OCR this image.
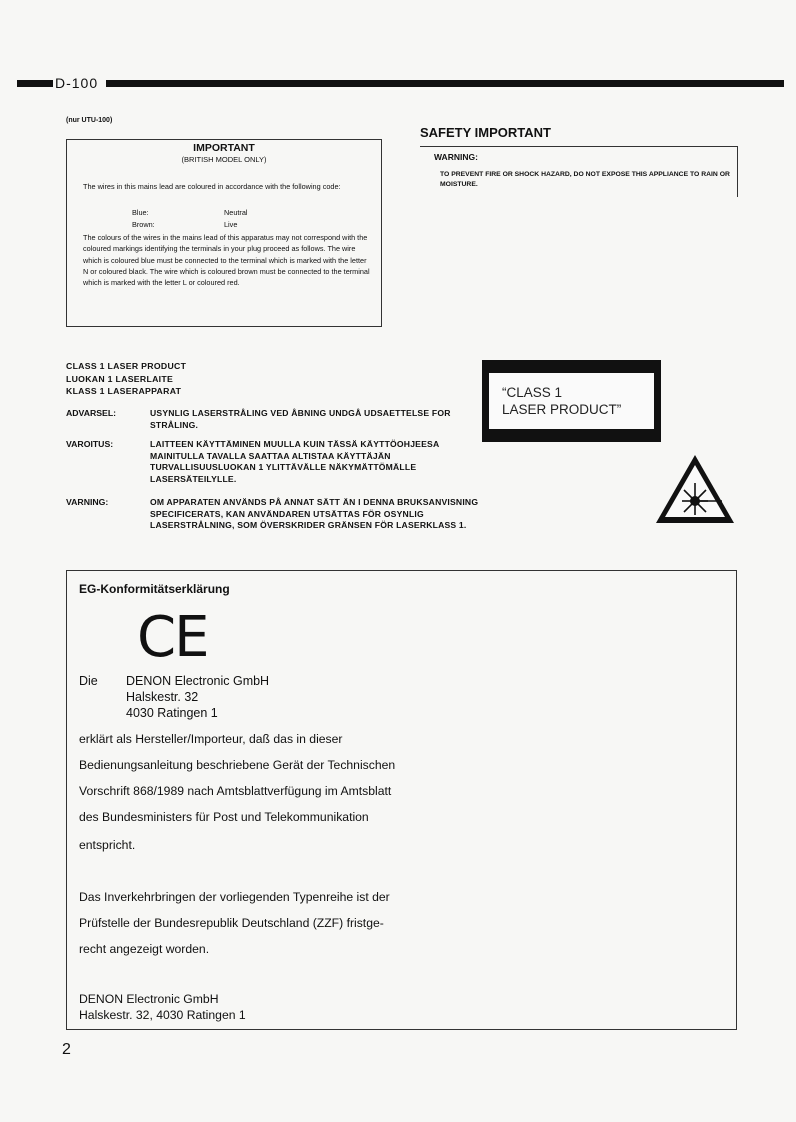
D-100
(nur UTU-100)
IMPORTANT
(BRITISH MODEL ONLY)
The wires in this mains lead are coloured in accordance with the following code:
Blue:	Neutral
Brown:	Live
The colours of the wires in the mains lead of this apparatus may not correspond with the coloured markings identifying the terminals in your plug proceed as follows. The wire which is coloured blue must be connected to the terminal which is marked with the letter N or coloured black. The wire which is coloured brown must be connected to the terminal which is marked with the letter L or coloured red.
SAFETY IMPORTANT
WARNING:
TO PREVENT FIRE OR SHOCK HAZARD, DO NOT EXPOSE THIS APPLIANCE TO RAIN OR MOISTURE.
CLASS 1 LASER PRODUCT
LUOKAN 1 LASERLAITE
KLASS 1 LASERAPPARAT
ADVARSEL:	USYNLIG LASERSTRÅLING VED ÅBNING UNDGÅ UDSAETTELSE FOR STRÅLING.
VAROITUS:	LAITTEEN KÄYTTÄMINEN MUULLA KUIN TÄSSÄ KÄYTTÖOHJEESA MAINITULLA TAVALLA SAATTAA ALTISTAA KÄYTTÄJÄN TURVALLISUUSLUOKAN 1 YLITTÄVÄLLE NÄKYMÄTTÖMÄLLE LASERSÄTEILYLLE.
VARNING:	OM APPARATEN ANVÄNDS PÅ ANNAT SÄTT ÄN I DENNA BRUKSANVISNING SPECIFICERATS, KAN ANVÄNDAREN UTSÄTTAS FÖR OSYNLIG LASERSTRÅLNING, SOM ÖVERSKRIDER GRÄNSEN FÖR LASERKLASS 1.
“CLASS 1
LASER PRODUCT”
EG-Konformitätserklärung
CE
Die DENON Electronic GmbH
Halskestr. 32
4030 Ratingen 1
erklärt als Hersteller/Importeur, daß das in dieser
Bedienungsanleitung beschriebene Gerät der Technischen
Vorschrift 868/1989 nach Amtsblattverfügung im Amtsblatt
des Bundesministers für Post und Telekommunikation
entspricht.
Das Inverkehrbringen der vorliegenden Typenreihe ist der
Prüfstelle der Bundesrepublik Deutschland (ZZF) fristge-
recht angezeigt worden.
DENON Electronic GmbH
Halskestr. 32, 4030 Ratingen 1
2
